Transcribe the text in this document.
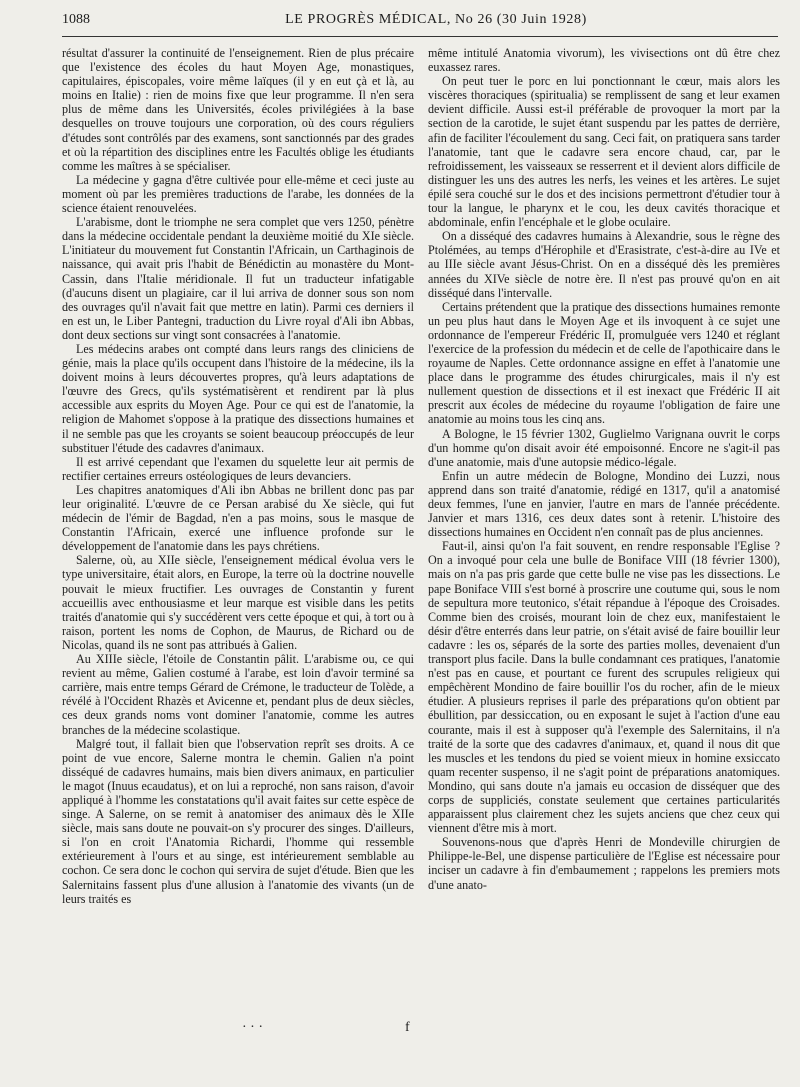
1088	LE PROGRÈS MÉDICAL, No 26 (30 Juin 1928)

résultat d'assurer la continuité de l'enseignement. Rien de plus précaire que l'existence des écoles du haut Moyen Age, monastiques, capitulaires, épiscopales, voire même laïques (il y en eut çà et là, au moins en Italie) : rien de moins fixe que leur programme. Il n'en sera plus de même dans les Universités, écoles privilégiées à la base desquelles on trouve toujours une corporation, où des cours réguliers d'études sont contrôlés par des examens, sont sanctionnés par des grades et où la répartition des disciplines entre les Facultés oblige les étudiants comme les maîtres à se spécialiser.

La médecine y gagna d'être cultivée pour elle-même et ceci juste au moment où par les premières traductions de l'arabe, les données de la science étaient renouvelées.

L'arabisme, dont le triomphe ne sera complet que vers 1250, pénètre dans la médecine occidentale pendant la deuxième moitié du XIe siècle. L'initiateur du mouvement fut Constantin l'Africain, un Carthaginois de naissance, qui avait pris l'habit de Bénédictin au monastère du Mont-Cassin, dans l'Italie méridionale. Il fut un traducteur infatigable (d'aucuns disent un plagiaire, car il lui arriva de donner sous son nom des ouvrages qu'il n'avait fait que mettre en latin). Parmi ces derniers il en est un, le Liber Pantegni, traduction du Livre royal d'Ali ibn Abbas, dont deux sections sur vingt sont consacrées à l'anatomie.

Les médecins arabes ont compté dans leurs rangs des cliniciens de génie, mais la place qu'ils occupent dans l'histoire de la médecine, ils la doivent moins à leurs découvertes propres, qu'à leurs adaptations de l'œuvre des Grecs, qu'ils systématisèrent et rendirent par là plus accessible aux esprits du Moyen Age. Pour ce qui est de l'anatomie, la religion de Mahomet s'oppose à la pratique des dissections humaines et il ne semble pas que les croyants se soient beaucoup préoccupés de leur substituer l'étude des cadavres d'animaux.

Il est arrivé cependant que l'examen du squelette leur ait permis de rectifier certaines erreurs ostéologiques de leurs devanciers.

Les chapitres anatomiques d'Ali ibn Abbas ne brillent donc pas par leur originalité. L'œuvre de ce Persan arabisé du Xe siècle, qui fut médecin de l'émir de Bagdad, n'en a pas moins, sous le masque de Constantin l'Africain, exercé une influence profonde sur le développement de l'anatomie dans les pays chrétiens.

Salerne, où, au XIIe siècle, l'enseignement médical évolua vers le type universitaire, était alors, en Europe, la terre où la doctrine nouvelle pouvait le mieux fructifier. Les ouvrages de Constantin y furent accueillis avec enthousiasme et leur marque est visible dans les petits traités d'anatomie qui s'y succédèrent vers cette époque et qui, à tort ou à raison, portent les noms de Cophon, de Maurus, de Richard ou de Nicolas, quand ils ne sont pas attribués à Galien.

Au XIIIe siècle, l'étoile de Constantin pâlit. L'arabisme ou, ce qui revient au même, Galien costumé à l'arabe, est loin d'avoir terminé sa carrière, mais entre temps Gérard de Crémone, le traducteur de Tolède, a révélé à l'Occident Rhazès et Avicenne et, pendant plus de deux siècles, ces deux grands noms vont dominer l'anatomie, comme les autres branches de la médecine scolastique.

Malgré tout, il fallait bien que l'observation reprît ses droits. A ce point de vue encore, Salerne montra le chemin. Galien n'a point disséqué de cadavres humains, mais bien divers animaux, en particulier le magot (Inuus ecaudatus), et on lui a reproché, non sans raison, d'avoir appliqué à l'homme les constatations qu'il avait faites sur cette espèce de singe. A Salerne, on se remit à anatomiser des animaux dès le XIIe siècle, mais sans doute ne pouvait-on s'y procurer des singes. D'ailleurs, si l'on en croit l'Anatomia Richardi, l'homme qui ressemble extérieurement à l'ours et au singe, est intérieurement semblable au cochon. Ce sera donc le cochon qui servira de sujet d'étude. Bien que les Salernitains fassent plus d'une allusion à l'anatomie des vivants (un de leurs traités es

même intitulé Anatomia vivorum), les vivisections ont dû être chez euxassez rares.

On peut tuer le porc en lui ponctionnant le cœur, mais alors les viscères thoraciques (spiritualia) se remplissent de sang et leur examen devient difficile. Aussi est-il préférable de provoquer la mort par la section de la carotide, le sujet étant suspendu par les pattes de derrière, afin de faciliter l'écoulement du sang. Ceci fait, on pratiquera sans tarder l'anatomie, tant que le cadavre sera encore chaud, car, par le refroidissement, les vaisseaux se resserrent et il devient alors difficile de distinguer les uns des autres les nerfs, les veines et les artères. Le sujet épilé sera couché sur le dos et des incisions permettront d'étudier tour à tour la langue, le pharynx et le cou, les deux cavités thoracique et abdominale, enfin l'encéphale et le globe oculaire.

On a disséqué des cadavres humains à Alexandrie, sous le règne des Ptolémées, au temps d'Hérophile et d'Erasistrate, c'est-à-dire au IVe et au IIIe siècle avant Jésus-Christ. On en a disséqué dès les premières années du XIVe siècle de notre ère. Il n'est pas prouvé qu'on en ait disséqué dans l'intervalle.

Certains prétendent que la pratique des dissections humaines remonte un peu plus haut dans le Moyen Age et ils invoquent à ce sujet une ordonnance de l'empereur Frédéric II, promulguée vers 1240 et réglant l'exercice de la profession du médecin et de celle de l'apothicaire dans le royaume de Naples. Cette ordonnance assigne en effet à l'anatomie une place dans le programme des études chirurgicales, mais il n'y est nullement question de dissections et il est inexact que Frédéric II ait prescrit aux écoles de médecine du royaume l'obligation de faire une anatomie au moins tous les cinq ans.

A Bologne, le 15 février 1302, Guglielmo Varignana ouvrit le corps d'un homme qu'on disait avoir été empoisonné. Encore ne s'agit-il pas d'une anatomie, mais d'une autopsie médico-légale.

Enfin un autre médecin de Bologne, Mondino dei Luzzi, nous apprend dans son traité d'anatomie, rédigé en 1317, qu'il a anatomisé deux femmes, l'une en janvier, l'autre en mars de l'année précédente. Janvier et mars 1316, ces deux dates sont à retenir. L'histoire des dissections humaines en Occident n'en connaît pas de plus anciennes.

Faut-il, ainsi qu'on l'a fait souvent, en rendre responsable l'Eglise ? On a invoqué pour cela une bulle de Boniface VIII (18 février 1300), mais on n'a pas pris garde que cette bulle ne vise pas les dissections. Le pape Boniface VIII s'est borné à proscrire une coutume qui, sous le nom de sepultura more teutonico, s'était répandue à l'époque des Croisades. Comme bien des croisés, mourant loin de chez eux, manifestaient le désir d'être enterrés dans leur patrie, on s'était avisé de faire bouillir leur cadavre : les os, séparés de la sorte des parties molles, devenaient d'un transport plus facile. Dans la bulle condamnant ces pratiques, l'anatomie n'est pas en cause, et pourtant ce furent des scrupules religieux qui empêchèrent Mondino de faire bouillir l'os du rocher, afin de le mieux étudier. A plusieurs reprises il parle des préparations qu'on obtient par ébullition, par dessiccation, ou en exposant le sujet à l'action d'une eau courante, mais il est à supposer qu'à l'exemple des Salernitains, il n'a traité de la sorte que des cadavres d'animaux, et, quand il nous dit que les muscles et les tendons du pied se voient mieux in homine exsiccato quam recenter suspenso, il ne s'agit point de préparations anatomiques. Mondino, qui sans doute n'a jamais eu occasion de disséquer que des corps de suppliciés, constate seulement que certaines particularités apparaissent plus clairement chez les sujets anciens que chez ceux qui viennent d'être mis à mort.

Souvenons-nous que d'après Henri de Mondeville chirurgien de Philippe-le-Bel, une dispense particulière de l'Eglise est nécessaire pour inciser un cadavre à fin d'embaumement ; rappelons les premiers mots d'une anato-

· · ·	f
